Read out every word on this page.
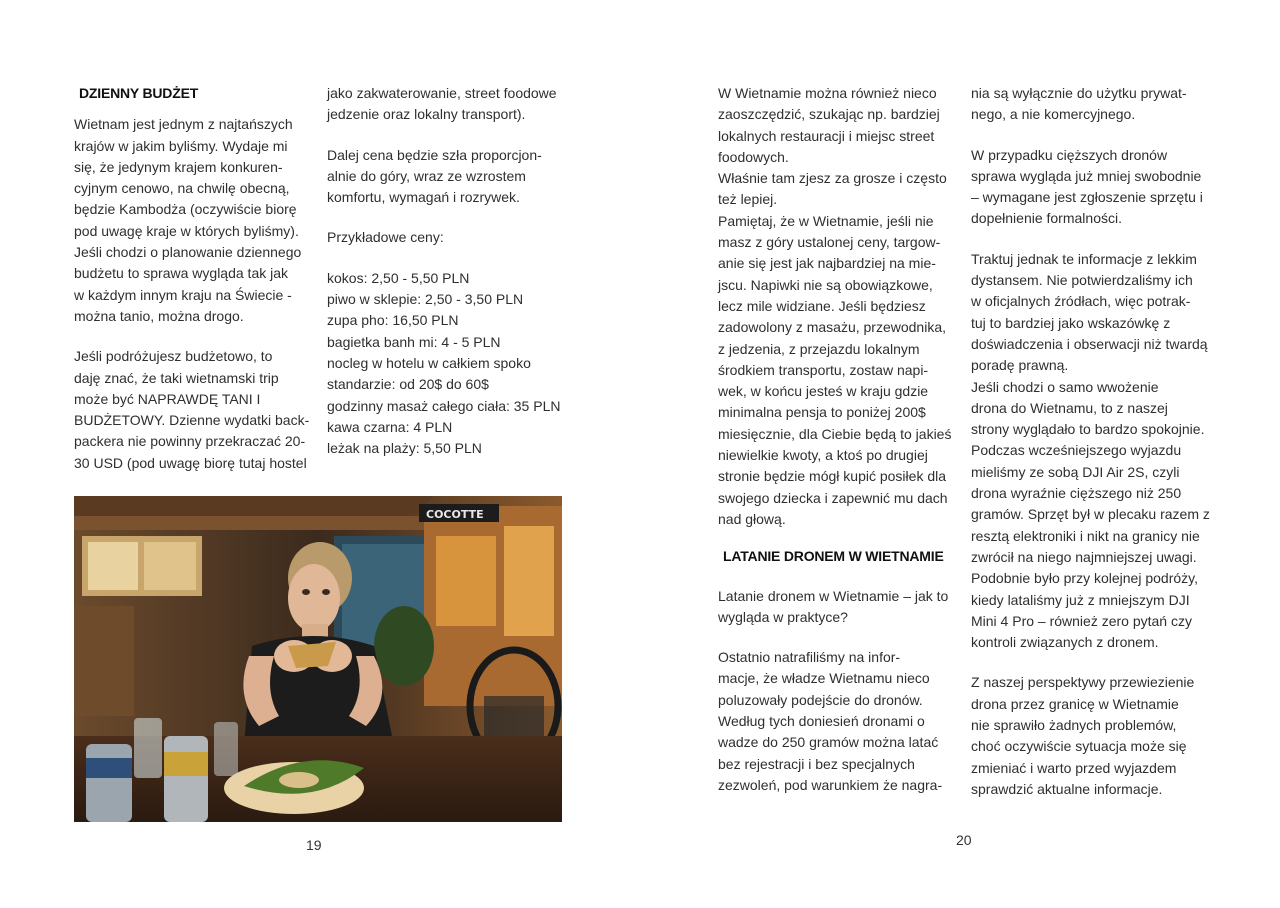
DZIENNY BUDŻET

Wietnam jest jednym z najtańszych

krajów w jakim byliśmy. Wydaje mi

się, że jedynym krajem konkuren-

cyjnym cenowo, na chwilę obecną,

będzie Kambodża (oczywiście biorę

pod uwagę kraje w których byliśmy).

Jeśli chodzi o planowanie dziennego

budżetu to sprawa wygląda tak jak

w każdym innym kraju na Świecie -

można tanio, można drogo.

Jeśli podróżujesz budżetowo, to

daję znać, że taki wietnamski trip

może być NAPRAWDĘ TANI I

BUDŻETOWY. Dzienne wydatki back-

packera nie powinny przekraczać 20-

30 USD (pod uwagę biorę tutaj hostel

jako zakwaterowanie, street foodowe

jedzenie oraz lokalny transport).

Dalej cena będzie szła proporcjon-

alnie do góry, wraz ze wzrostem

komfortu, wymagań i rozrywek.

Przykładowe ceny:

kokos: 2,50 - 5,50 PLN

piwo w sklepie: 2,50 - 3,50 PLN

zupa pho: 16,50 PLN

bagietka banh mi: 4 - 5 PLN

nocleg w hotelu w całkiem spoko

standarzie: od 20$ do 60$

godzinny masaż całego ciała: 35 PLN

kawa czarna: 4 PLN

leżak na plaży: 5,50 PLN

COCOTTE
19

W Wietnamie można również nieco

zaoszczędzić, szukając np. bardziej

lokalnych restauracji i miejsc street

foodowych.

Właśnie tam zjesz za grosze i często

też lepiej.

Pamiętaj, że w Wietnamie, jeśli nie

masz z góry ustalonej ceny, targow-

anie się jest jak najbardziej na mie-

jscu. Napiwki nie są obowiązkowe,

lecz mile widziane. Jeśli będziesz

zadowolony z masażu, przewodnika,

z jedzenia, z przejazdu lokalnym

środkiem transportu, zostaw napi-

wek, w końcu jesteś w kraju gdzie

minimalna pensja to poniżej 200$

miesięcznie, dla Ciebie będą to jakieś

niewielkie kwoty, a ktoś po drugiej

stronie będzie mógł kupić posiłek dla

swojego dziecka i zapewnić mu dach

nad głową.

LATANIE DRONEM W WIETNAMIE

Latanie dronem w Wietnamie – jak to

wygląda w praktyce?

Ostatnio natrafiliśmy na infor-

macje, że władze Wietnamu nieco

poluzowały podejście do dronów.

Według tych doniesień dronami o

wadze do 250 gramów można latać

bez rejestracji i bez specjalnych

zezwoleń, pod warunkiem że nagra-

nia są wyłącznie do użytku prywat-

nego, a nie komercyjnego.

W przypadku cięższych dronów

sprawa wygląda już mniej swobodnie

– wymagane jest zgłoszenie sprzętu i

dopełnienie formalności.

Traktuj jednak te informacje z lekkim

dystansem. Nie potwierdzaliśmy ich

w oficjalnych źródłach, więc potrak-

tuj to bardziej jako wskazówkę z

doświadczenia i obserwacji niż twardą

poradę prawną.

Jeśli chodzi o samo wwożenie

drona do Wietnamu, to z naszej

strony wyglądało to bardzo spokojnie.

Podczas wcześniejszego wyjazdu

mieliśmy ze sobą DJI Air 2S, czyli

drona wyraźnie cięższego niż 250

gramów. Sprzęt był w plecaku razem z

resztą elektroniki i nikt na granicy nie

zwrócił na niego najmniejszej uwagi.

Podobnie było przy kolejnej podróży,

kiedy lataliśmy już z mniejszym DJI

Mini 4 Pro – również zero pytań czy

kontroli związanych z dronem.

Z naszej perspektywy przewiezienie

drona przez granicę w Wietnamie

nie sprawiło żadnych problemów,

choć oczywiście sytuacja może się

zmieniać i warto przed wyjazdem

sprawdzić aktualne informacje.

20
